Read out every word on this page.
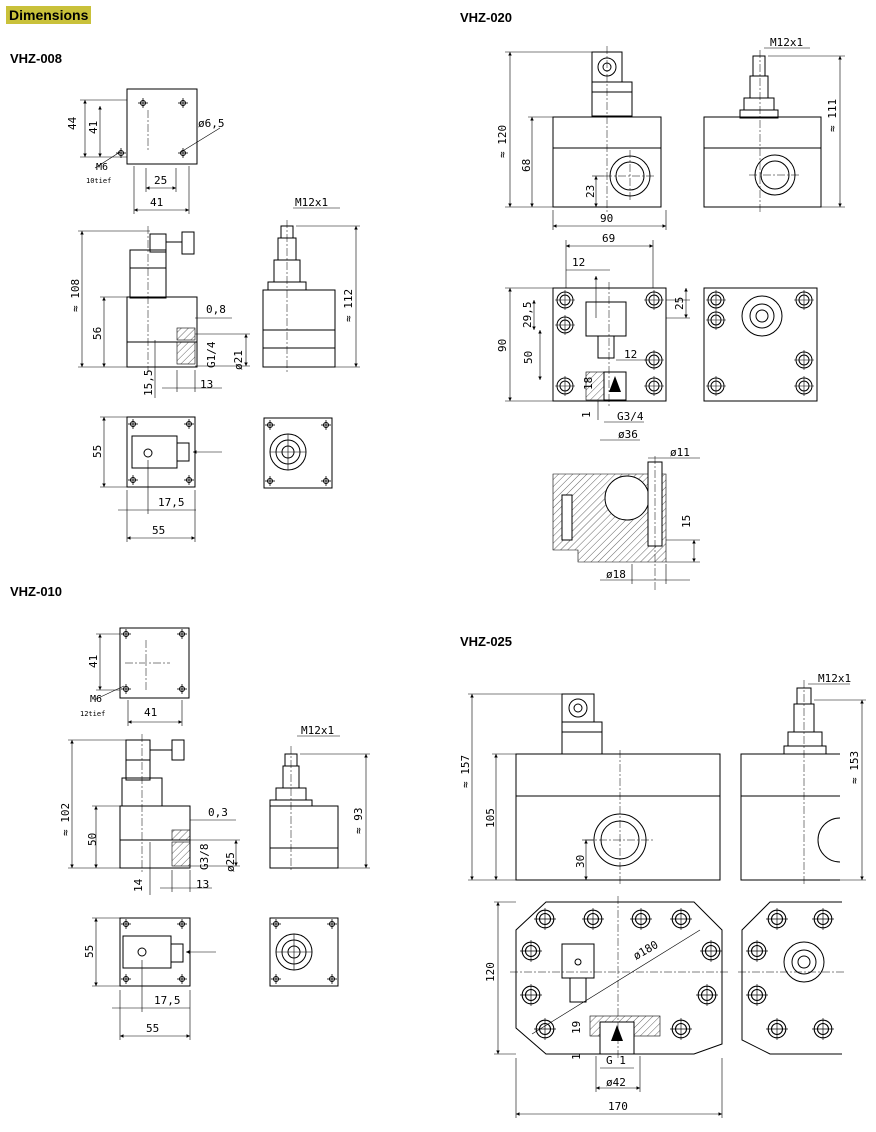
Dimensions
VHZ-008
VHZ-010
VHZ-020
VHZ-025
44 41	ø6,5
M6
10tief	25
41
≈ 108
56
0,8
G1/4 ø21
15,5	13
M12x1
≈ 112
55
17,5
55
41
M6
12tief	41
≈ 102
50
0,3
G3/8 ø25
14	13
M12x1
≈ 93
55
17,5
55
≈ 120
68
23
M12x1
≈ 111
90
69
12
90
29,5
50
25
12
18
1 G3/4
ø36
ø11
15
ø18
≈ 157
105
30
M12x1
≈ 153
ø180
120
19
1 G 1
ø42
170
